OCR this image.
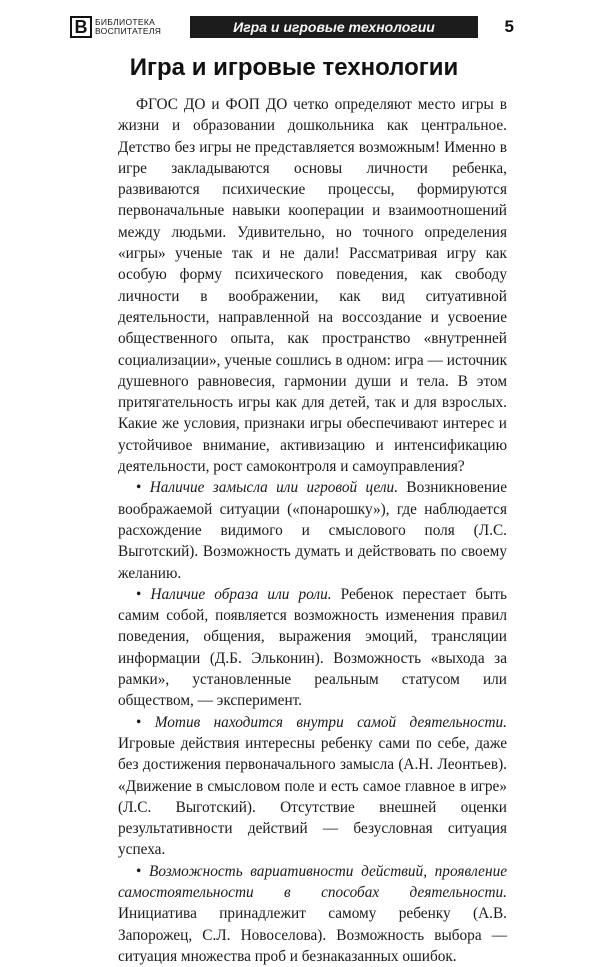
В БИБЛИОТЕКА
ВОСПИТАТЕЛЯ	Игра и игровые технологии	5
Игра и игровые технологии

ФГОС ДО и ФОП ДО четко определяют место игры в жизни и образовании дошкольника как центральное. Детство без игры не представляется возможным! Именно в игре закладываются основы личности ребенка, развиваются психические процессы, формируются первоначальные навыки кооперации и взаимоотношений между людьми. Удивительно, но точного определения «игры» ученые так и не дали! Рассматривая игру как особую форму психического поведения, как свободу личности в воображении, как вид ситуативной деятельности, направленной на воссоздание и усвоение общественного опыта, как пространство «внутренней социализации», ученые сошлись в одном: игра — источник душевного равновесия, гармонии души и тела. В этом притягательность игры как для детей, так и для взрослых. Какие же условия, признаки игры обеспечивают интерес и устойчивое внимание, активизацию и интенсификацию деятельности, рост самоконтроля и самоуправления?

• Наличие замысла или игровой цели. Возникновение воображаемой ситуации («понарошку»), где наблюдается расхождение видимого и смыслового поля (Л.С. Выготский). Возможность думать и действовать по своему желанию.

• Наличие образа или роли. Ребенок перестает быть самим собой, появляется возможность изменения правил поведения, общения, выражения эмоций, трансляции информации (Д.Б. Эльконин). Возможность «выхода за рамки», установленные реальным статусом или обществом, — эксперимент.

• Мотив находится внутри самой деятельности. Игровые действия интересны ребенку сами по себе, даже без достижения первоначального замысла (А.Н. Леонтьев). «Движение в смысловом поле и есть самое главное в игре» (Л.С. Выготский). Отсутствие внешней оценки результативности действий — безусловная ситуация успеха.

• Возможность вариативности действий, проявление самостоятельности в способах деятельности. Инициатива принадлежит самому ребенку (А.В. Запорожец, С.Л. Новоселова). Возможность выбора — ситуация множества проб и безнаказанных ошибок.
